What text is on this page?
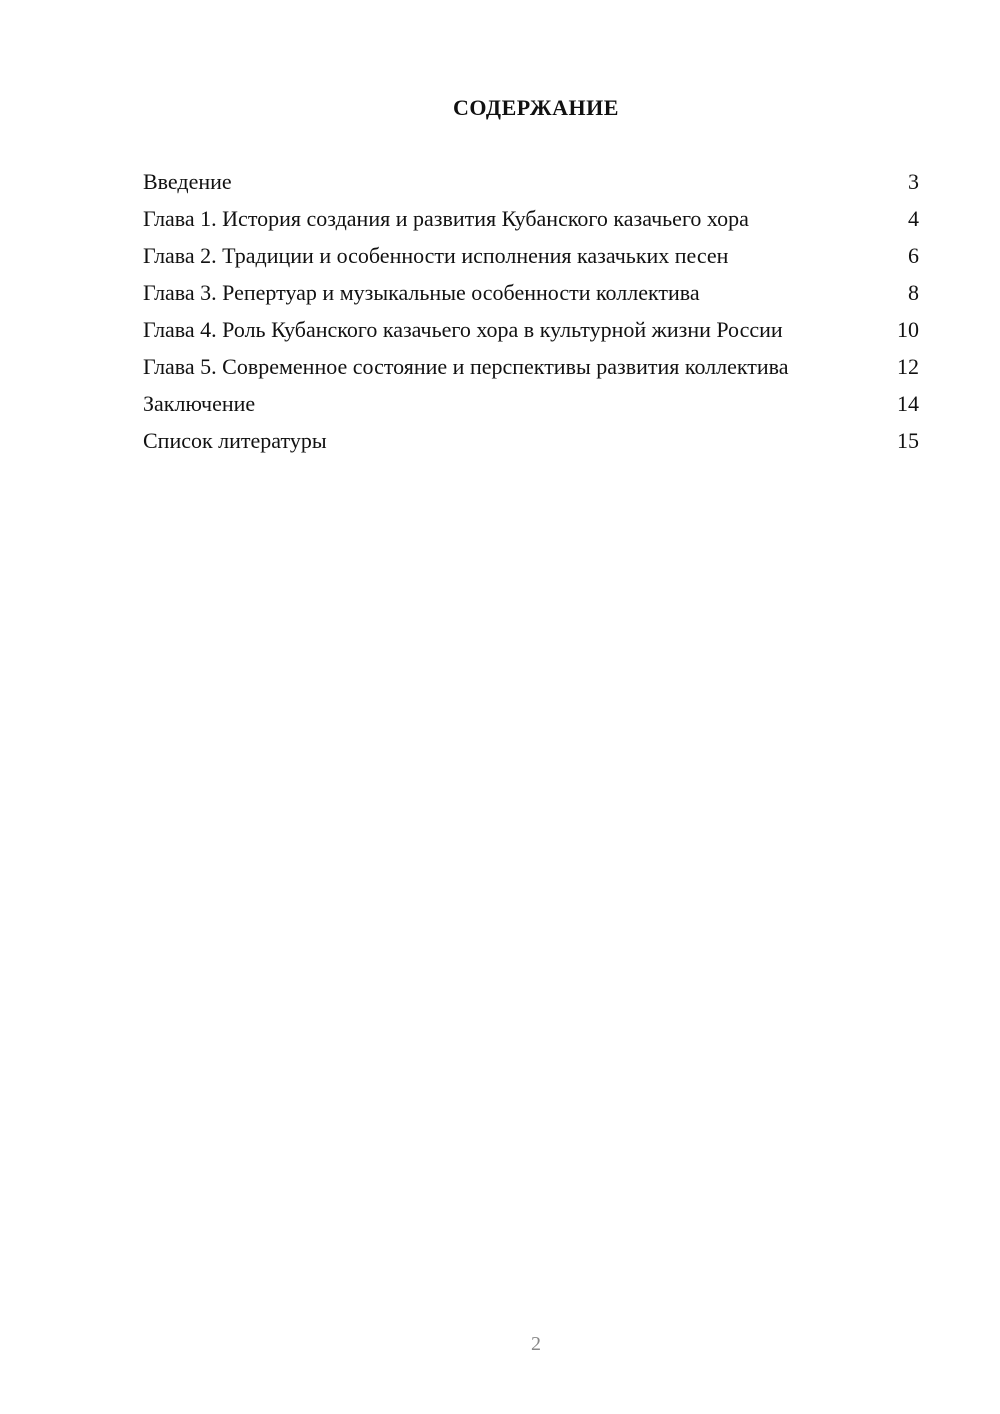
СОДЕРЖАНИЕ
Введение	3
Глава 1. История создания и развития Кубанского казачьего хора	4
Глава 2. Традиции и особенности исполнения казачьких песен	6
Глава 3. Репертуар и музыкальные особенности коллектива	8
Глава 4. Роль Кубанского казачьего хора в культурной жизни России	10
Глава 5. Современное состояние и перспективы развития коллектива	12
Заключение	14
Список литературы	15
2
